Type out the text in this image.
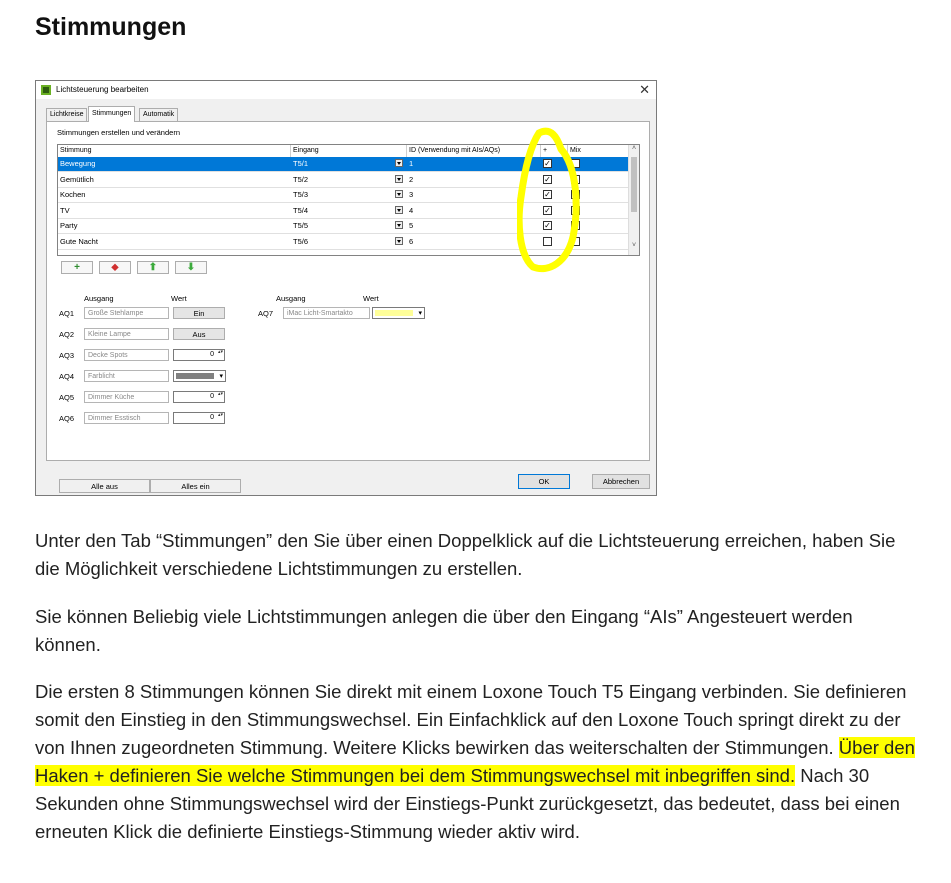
Stimmungen
Lichtsteuerung bearbeiten	✕
Lichtkreise	Stimmungen	Automatik
Stimmungen erstellen und verändern
Stimmung	Eingang	ID (Verwendung mit AIs/AQs)	+	Mix
Bewegung	T5/1	1	✓
Gemütlich	T5/2	2	✓
Kochen	T5/3	3	✓
TV	T5/4	4	✓
Party	T5/5	5	✓
Gute Nacht	T5/6	6
˄
˅
+	⬥	⬆	⬇
Ausgang	Wert	Ausgang	Wert
AQ1	Große Stehlampe	Ein
AQ2	Kleine Lampe	Aus
AQ3	Decke Spots	0 ▴▾
AQ4	Farblicht	▾
AQ5	Dimmer Küche	0 ▴▾
AQ6	Dimmer Esstisch	0 ▴▾
AQ7	iMac Licht-Smartakto	▾
Alle aus	Alles ein
OK	Abbrechen

Unter den Tab “Stimmungen” den Sie über einen Doppelklick auf die Lichtsteuerung erreichen, haben Sie die Möglichkeit verschiedene Lichtstimmungen zu erstellen.

Sie können Beliebig viele Lichtstimmungen anlegen die über den Eingang “AIs” Angesteuert werden können.

Die ersten 8 Stimmungen können Sie direkt mit einem Loxone Touch T5 Eingang verbinden. Sie definieren somit den Einstieg in den Stimmungswechsel. Ein Einfachklick auf den Loxone Touch springt direkt zu der von Ihnen zugeordneten Stimmung. Weitere Klicks bewirken das weiterschalten der Stimmungen. Über den Haken + definieren Sie welche Stimmungen bei dem Stimmungswechsel mit inbegriffen sind. Nach 30 Sekunden ohne Stimmungswechsel wird der Einstiegs-Punkt zurückgesetzt, das bedeutet, dass bei einen erneuten Klick die definierte Einstiegs-Stimmung wieder aktiv wird.
